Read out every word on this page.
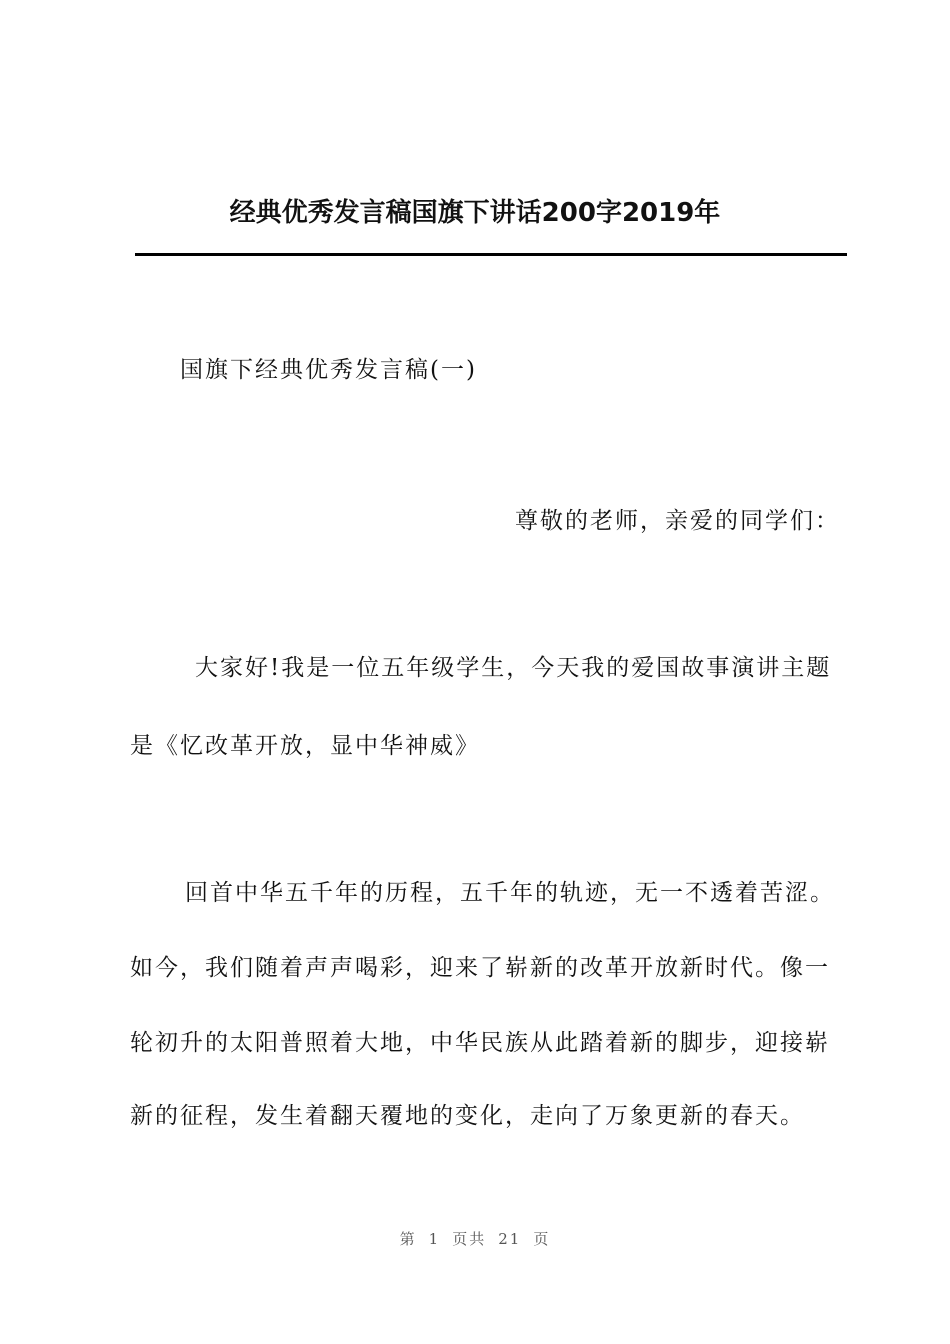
经典优秀发言稿国旗下讲话200字2019年
国旗下经典优秀发言稿(一)
尊敬的老师，亲爱的同学们：
大家好!我是一位五年级学生，今天我的爱国故事演讲主题
是《忆改革开放，显中华神威》
回首中华五千年的历程，五千年的轨迹，无一不透着苦涩。
如今，我们随着声声喝彩，迎来了崭新的改革开放新时代。像一
轮初升的太阳普照着大地，中华民族从此踏着新的脚步，迎接崭
新的征程，发生着翻天覆地的变化，走向了万象更新的春天。
第 1 页共 21 页
